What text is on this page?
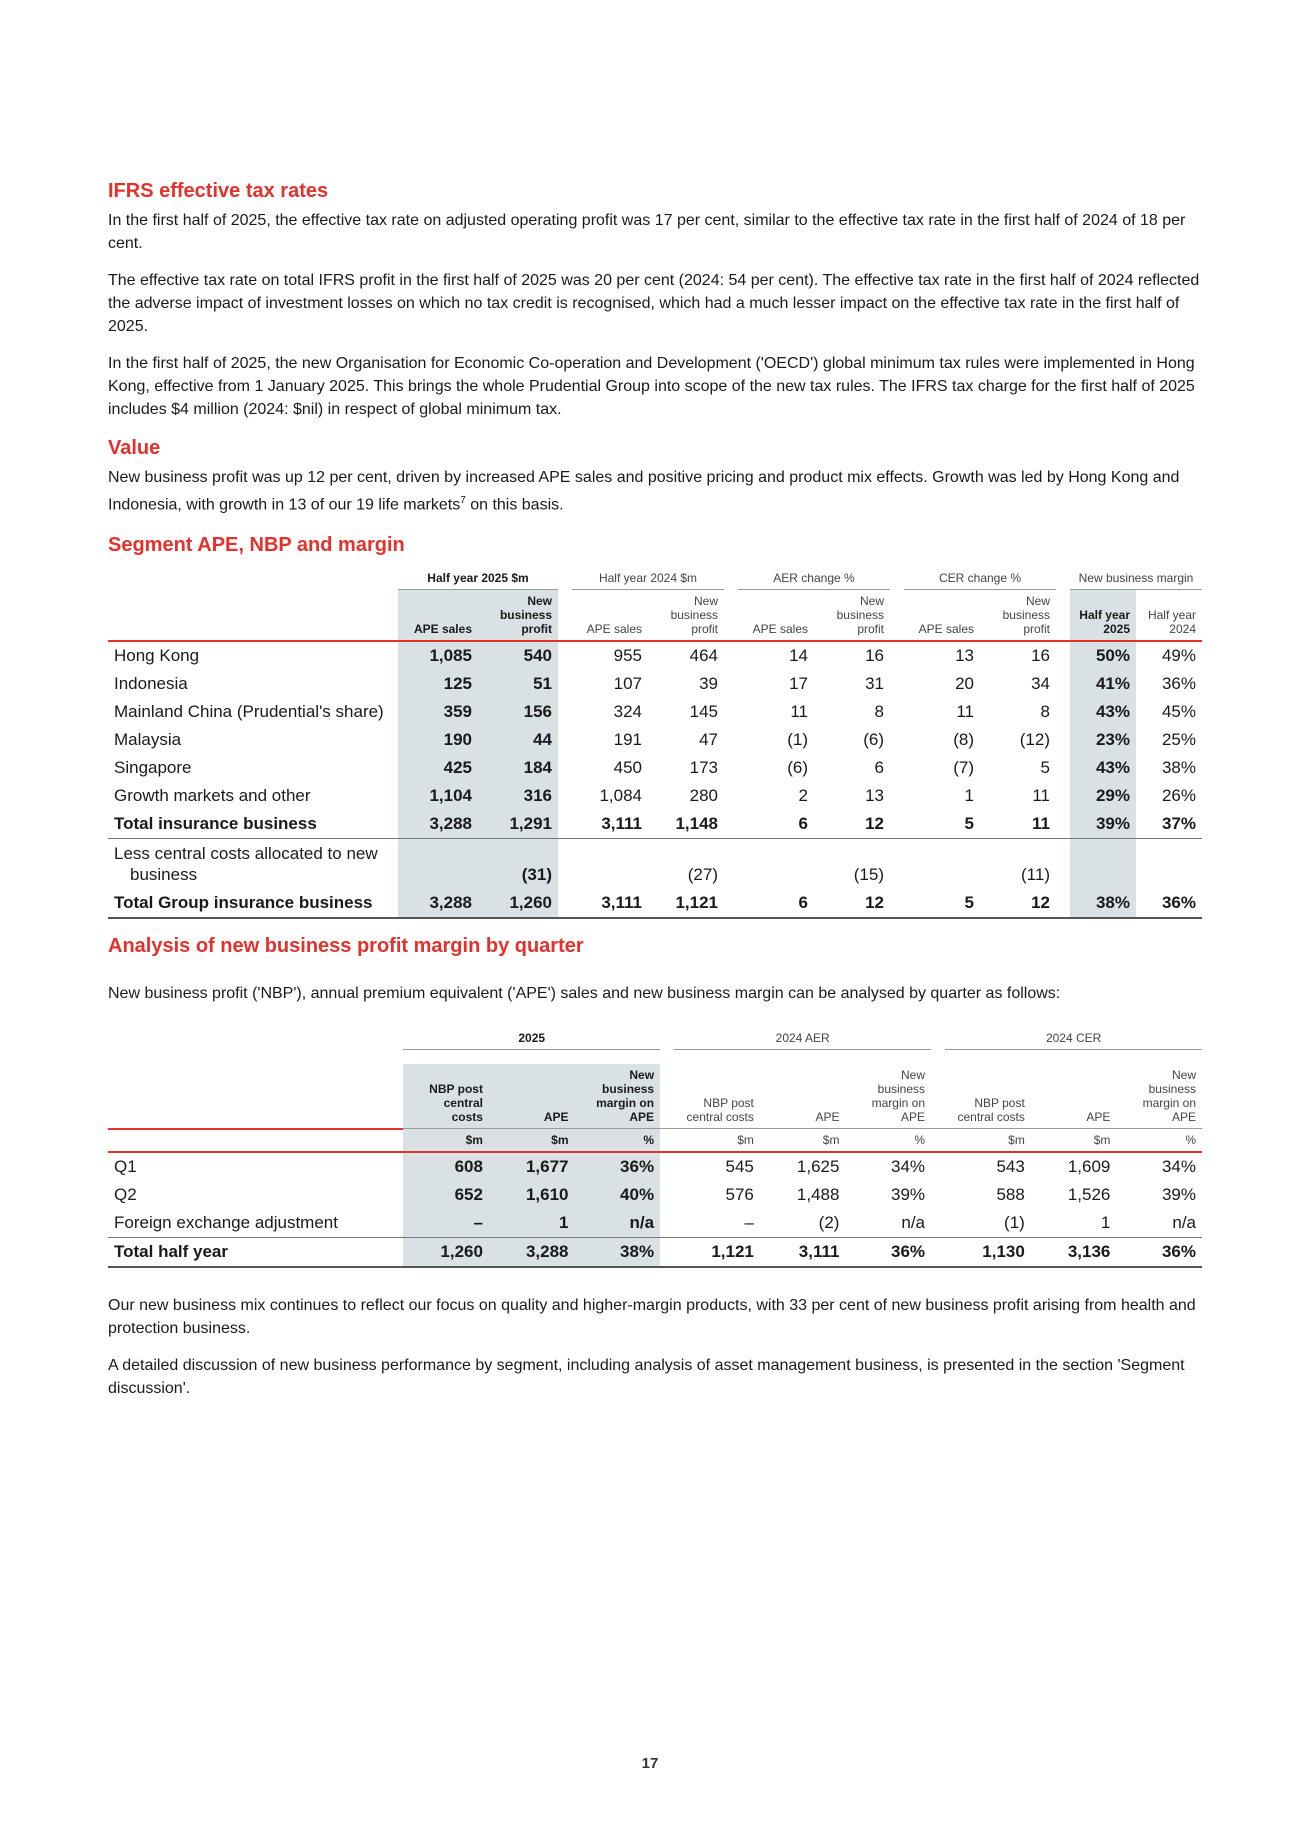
IFRS effective tax rates

In the first half of 2025, the effective tax rate on adjusted operating profit was 17 per cent, similar to the effective tax rate in the first half of 2024 of 18 per cent.

The effective tax rate on total IFRS profit in the first half of 2025 was 20 per cent (2024: 54 per cent). The effective tax rate in the first half of 2024 reflected the adverse impact of investment losses on which no tax credit is recognised, which had a much lesser impact on the effective tax rate in the first half of 2025.

In the first half of 2025, the new Organisation for Economic Co-operation and Development ('OECD') global minimum tax rules were implemented in Hong Kong, effective from 1 January 2025. This brings the whole Prudential Group into scope of the new tax rules. The IFRS tax charge for the first half of 2025 includes $4 million (2024: $nil) in respect of global minimum tax.

Value

New business profit was up 12 per cent, driven by increased APE sales and positive pricing and product mix effects. Growth was led by Hong Kong and Indonesia, with growth in 13 of our 19 life markets$^7$ on this basis.

Segment APE, NBP and margin
	Half year 2025 $m			Half year 2024 $m			AER change %			CER change %			New business margin	
	APE sales	New business profit		APE sales	New business profit		APE sales	New business profit		APE sales	New business profit		Half year 2025	Half year 2024
Hong Kong	1,085	540		955	464		14	16		13	16		50%	49%
Indonesia	125	51		107	39		17	31		20	34		41%	36%
Mainland China (Prudential's share)	359	156		324	145		11	8		11	8		43%	45%
Malaysia	190	44		191	47		(1)	(6)		(8)	(12)		23%	25%
Singapore	425	184		450	173		(6)	6		(7)	5		43%	38%
Growth markets and other	1,104	316		1,084	280		2	13		1	11		29%	26%
Total insurance business	3,288	1,291		3,111	1,148		6	12		5	11		39%	37%
Less central costs allocated to new business		(31)			(27)			(15)			(11)			
Total Group insurance business	3,288	1,260		3,111	1,121		6	12		5	12		38%	36%
Analysis of new business profit margin by quarter

New business profit ('NBP'), annual premium equivalent ('APE') sales and new business margin can be analysed by quarter as follows:

	2025				2024 AER				2024 CER		

	NBP post central costs	APE	New business margin on APE		NBP post central costs	APE	New business margin on APE		NBP post central costs	APE	New business margin on APE
	$m	$m	%		$m	$m	%		$m	$m	%
Q1	608	1,677	36%		545	1,625	34%		543	1,609	34%
Q2	652	1,610	40%		576	1,488	39%		588	1,526	39%
Foreign exchange adjustment	–	1	n/a		–	(2)	n/a		(1)	1	n/a
Total half year	1,260	3,288	38%		1,121	3,111	36%		1,130	3,136	36%

Our new business mix continues to reflect our focus on quality and higher-margin products, with 33 per cent of new business profit arising from health and protection business.

A detailed discussion of new business performance by segment, including analysis of asset management business, is presented in the section 'Segment discussion'.

17
